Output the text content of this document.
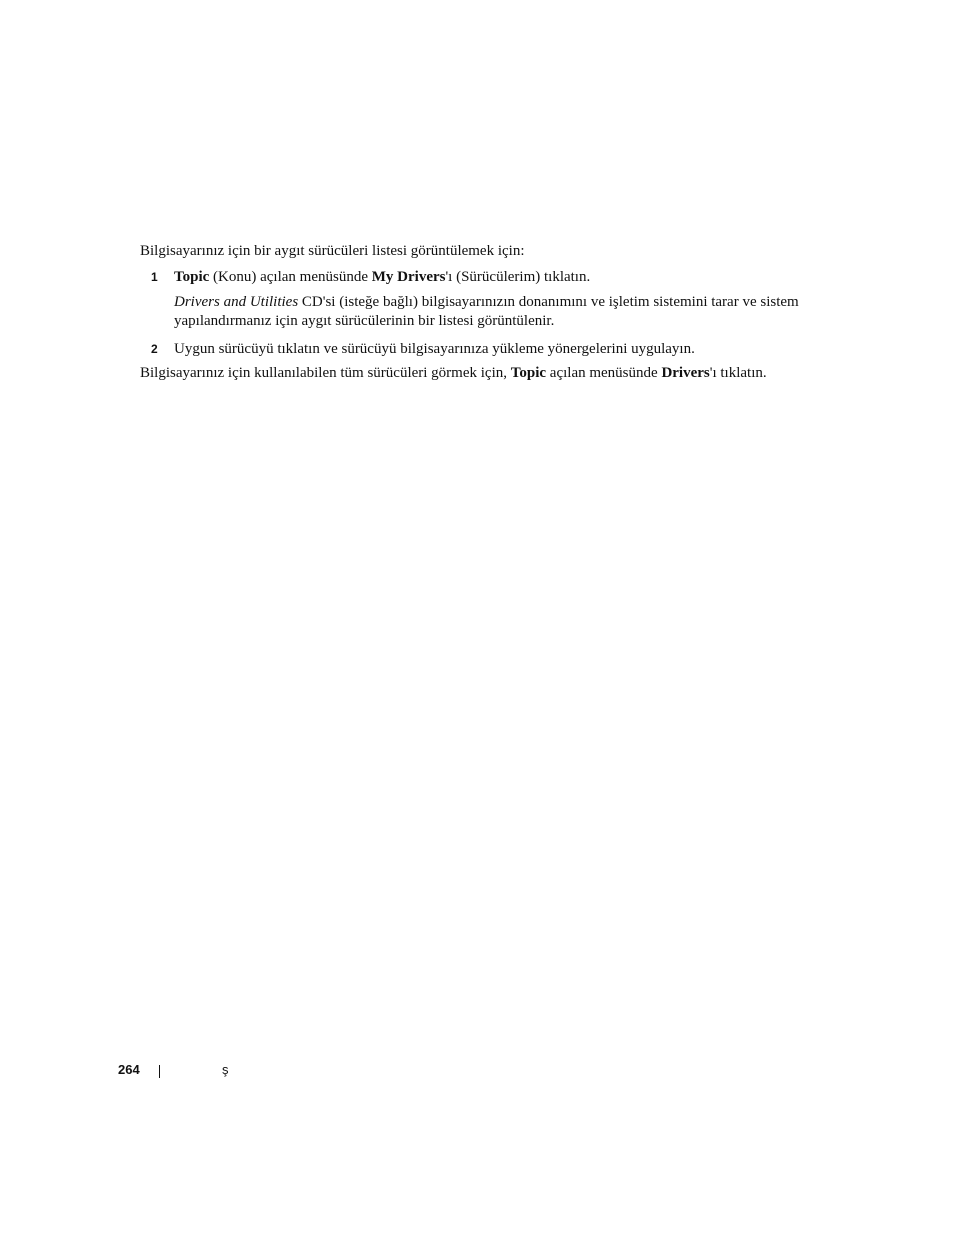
Bilgisayarınız için bir aygıt sürücüleri listesi görüntülemek için:

1 Topic (Konu) açılan menüsünde My Drivers'ı (Sürücülerim) tıklatın.
Drivers and Utilities CD'si (isteğe bağlı) bilgisayarınızın donanımını ve işletim sistemini tarar ve sistem
yapılandırmanız için aygıt sürücülerinin bir listesi görüntülenir.
2 Uygun sürücüyü tıklatın ve sürücüyü bilgisayarınıza yükleme yönergelerini uygulayın.
Bilgisayarınız için kullanılabilen tüm sürücüleri görmek için, Topic açılan menüsünde Drivers'ı tıklatın.
264	ş
